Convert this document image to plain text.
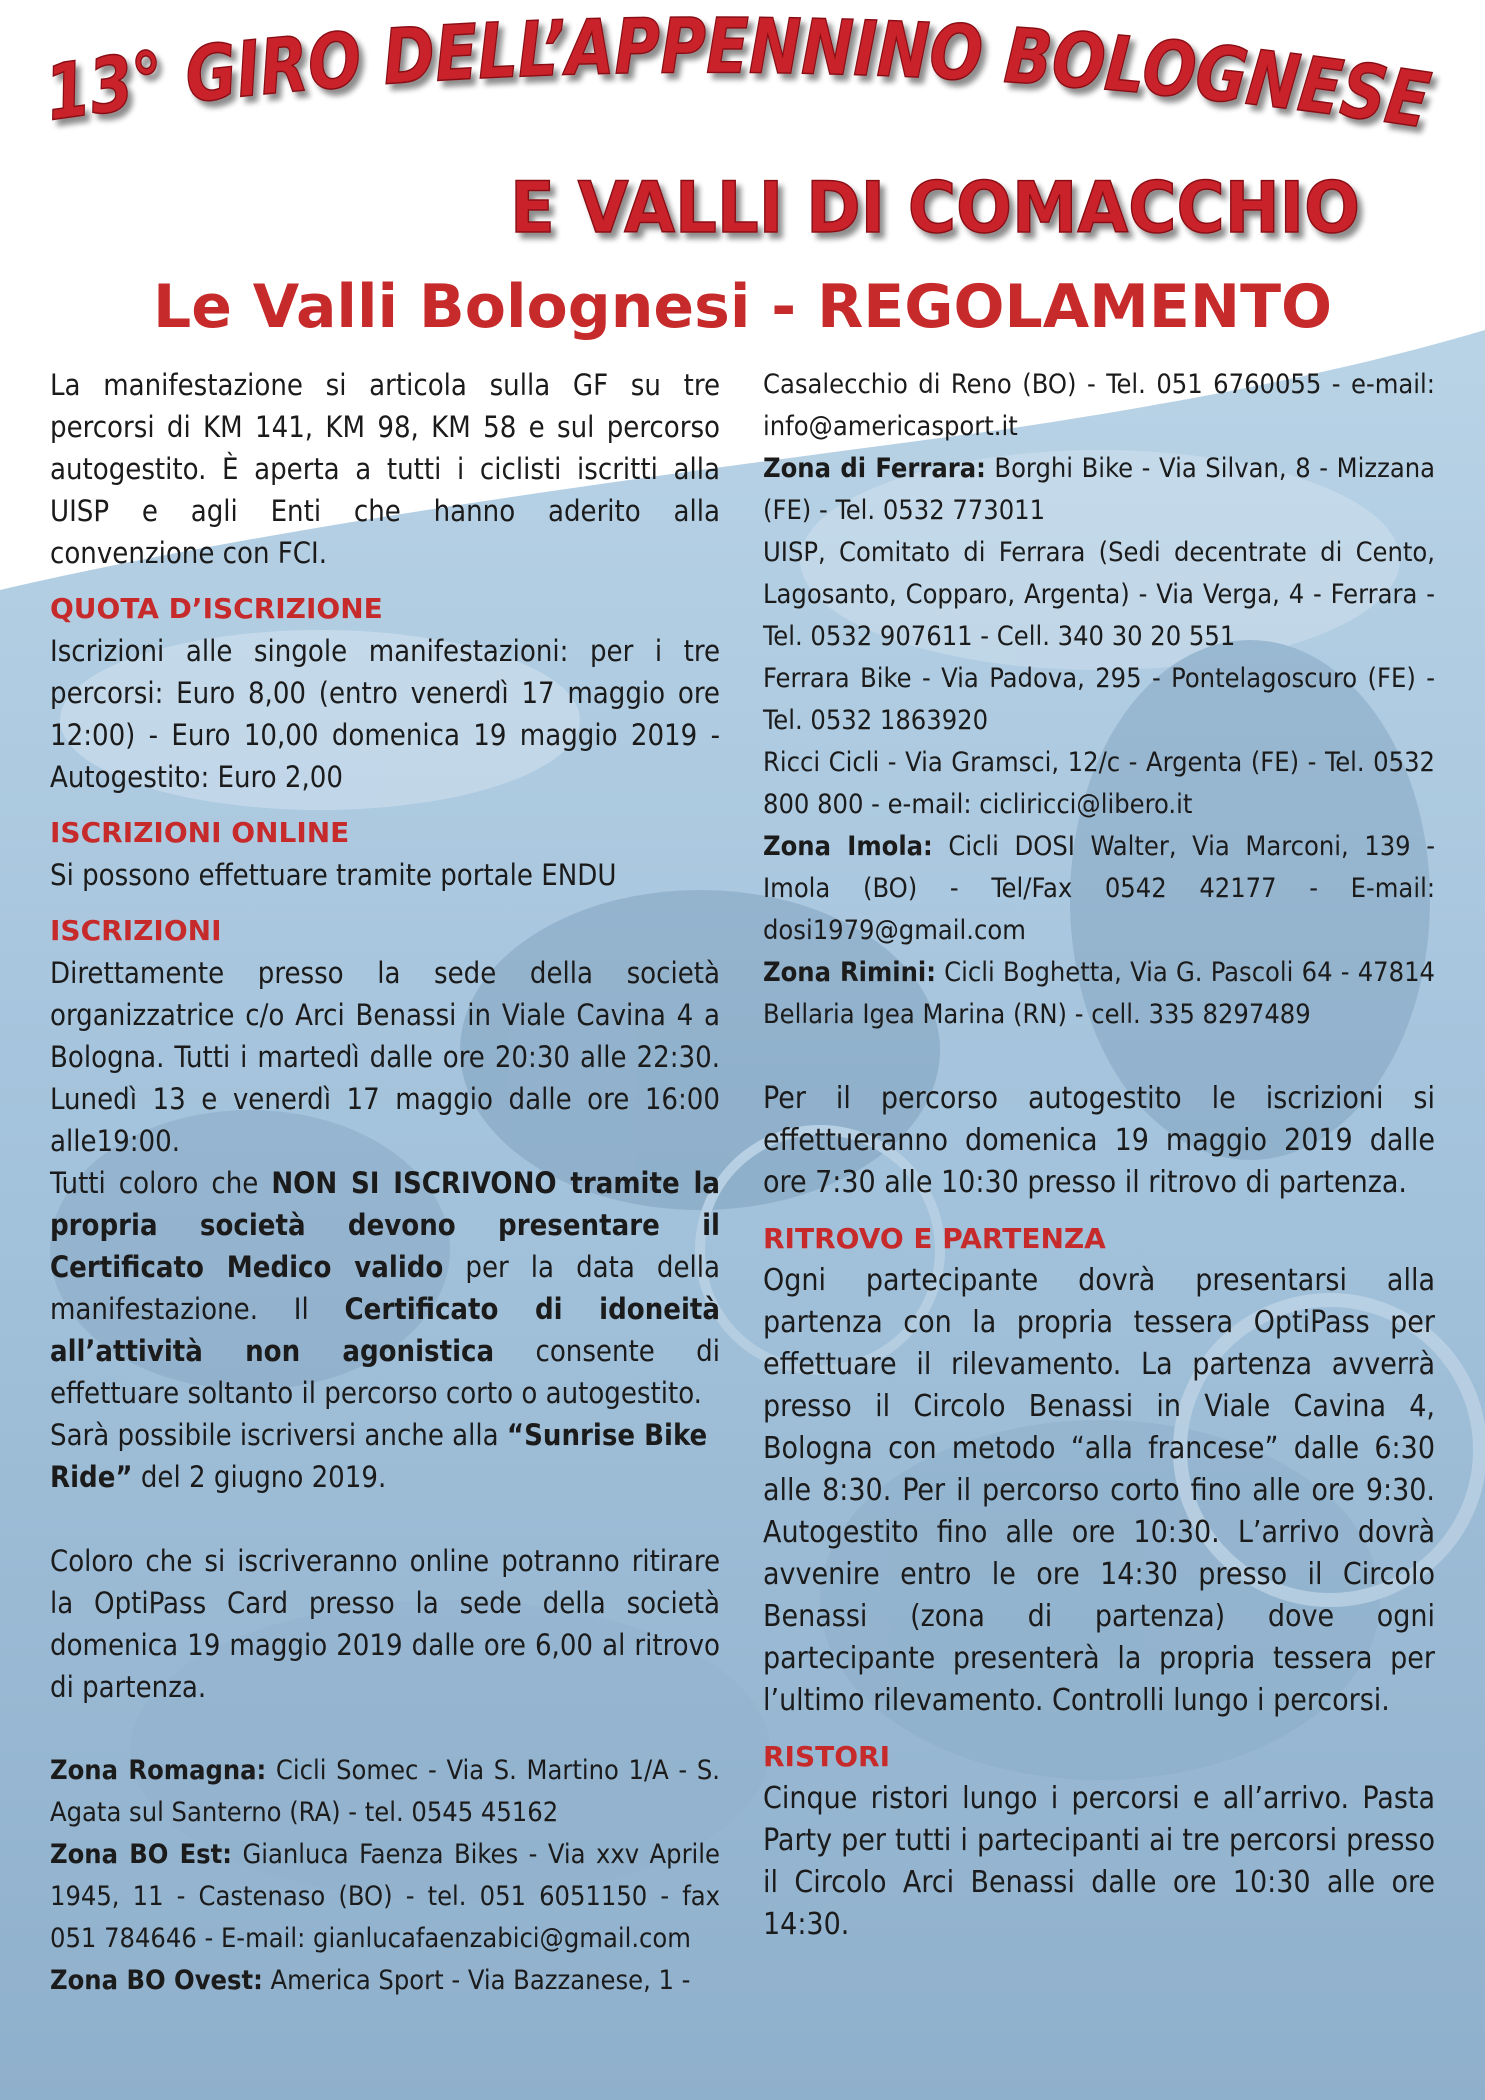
13° GIRO DELL’APPENNINO BOLOGNESE
E VALLI DI COMACCHIO
Le Valli Bolognesi - REGOLAMENTO

La manifestazione si articola sulla GF su tre percorsi di KM 141, KM 98, KM 58 e sul percorso autogestito. È aperta a tutti i ciclisti iscritti alla UISP e agli Enti che hanno aderito alla convenzione con FCI.

QUOTA D’ISCRIZIONE

Iscrizioni alle singole manifestazioni: per i tre percorsi: Euro 8,00 (entro venerdì 17 maggio ore 12:00) - Euro 10,00 domenica 19 maggio 2019 - Autogestito: Euro 2,00

ISCRIZIONI ONLINE

Si possono effettuare tramite portale ENDU

ISCRIZIONI

Direttamente presso la sede della società organizzatrice c/o Arci Benassi in Viale Cavina 4 a Bologna. Tutti i martedì dalle ore 20:30 alle 22:30. Lunedì 13 e venerdì 17 maggio dalle ore 16:00 alle19:00.

Tutti coloro che NON SI ISCRIVONO tramite la propria società devono presentare il Certificato Medico valido per la data della manifestazione. Il Certificato di idoneità all’attività non agonistica consente di effettuare soltanto il percorso corto o autogestito.

Sarà possibile iscriversi anche alla “Sunrise Bike Ride” del 2 giugno 2019.

Coloro che si iscriveranno online potranno ritirare la OptiPass Card presso la sede della società domenica 19 maggio 2019 dalle ore 6,00 al ritrovo di partenza.

Zona Romagna: Cicli Somec - Via S. Martino 1/A - S. Agata sul Santerno (RA) - tel. 0545 45162

Zona BO Est: Gianluca Faenza Bikes - Via xxv Aprile 1945, 11 - Castenaso (BO) - tel. 051 6051150 - fax 051 784646 - E-mail: gianlucafaenzabici@gmail.com

Zona BO Ovest: America Sport - Via Bazzanese, 1 -

Casalecchio di Reno (BO) - Tel. 051 6760055 - e-mail: info@americasport.it

Zona di Ferrara: Borghi Bike - Via Silvan, 8 - Mizzana (FE) - Tel. 0532 773011

UISP, Comitato di Ferrara (Sedi decentrate di Cento, Lagosanto, Copparo, Argenta) - Via Verga, 4 - Ferrara - Tel. 0532 907611 - Cell. 340 30 20 551

Ferrara Bike - Via Padova, 295 - Pontelagoscuro (FE) - Tel. 0532 1863920

Ricci Cicli - Via Gramsci, 12/c - Argenta (FE) - Tel. 0532 800 800 - e-mail: cicliricci@libero.it

Zona Imola: Cicli DOSI Walter, Via Marconi, 139 - Imola (BO) - Tel/Fax 0542 42177 - E-mail: dosi1979@gmail.com

Zona Rimini: Cicli Boghetta, Via G. Pascoli 64 - 47814 Bellaria Igea Marina (RN) - cell. 335 8297489

Per il percorso autogestito le iscrizioni si effettueranno domenica 19 maggio 2019 dalle ore 7:30 alle 10:30 presso il ritrovo di partenza.

RITROVO E PARTENZA

Ogni partecipante dovrà presentarsi alla partenza con la propria tessera OptiPass per effettuare il rilevamento. La partenza avverrà presso il Circolo Benassi in Viale Cavina 4, Bologna con metodo “alla francese” dalle 6:30 alle 8:30. Per il percorso corto fino alle ore 9:30. Autogestito fino alle ore 10:30. L’arrivo dovrà avvenire entro le ore 14:30 presso il Circolo Benassi (zona di partenza) dove ogni partecipante presenterà la propria tessera per l’ultimo rilevamento. Controlli lungo i percorsi.

RISTORI

Cinque ristori lungo i percorsi e all’arrivo. Pasta Party per tutti i partecipanti ai tre percorsi presso il Circolo Arci Benassi dalle ore 10:30 alle ore 14:30.
